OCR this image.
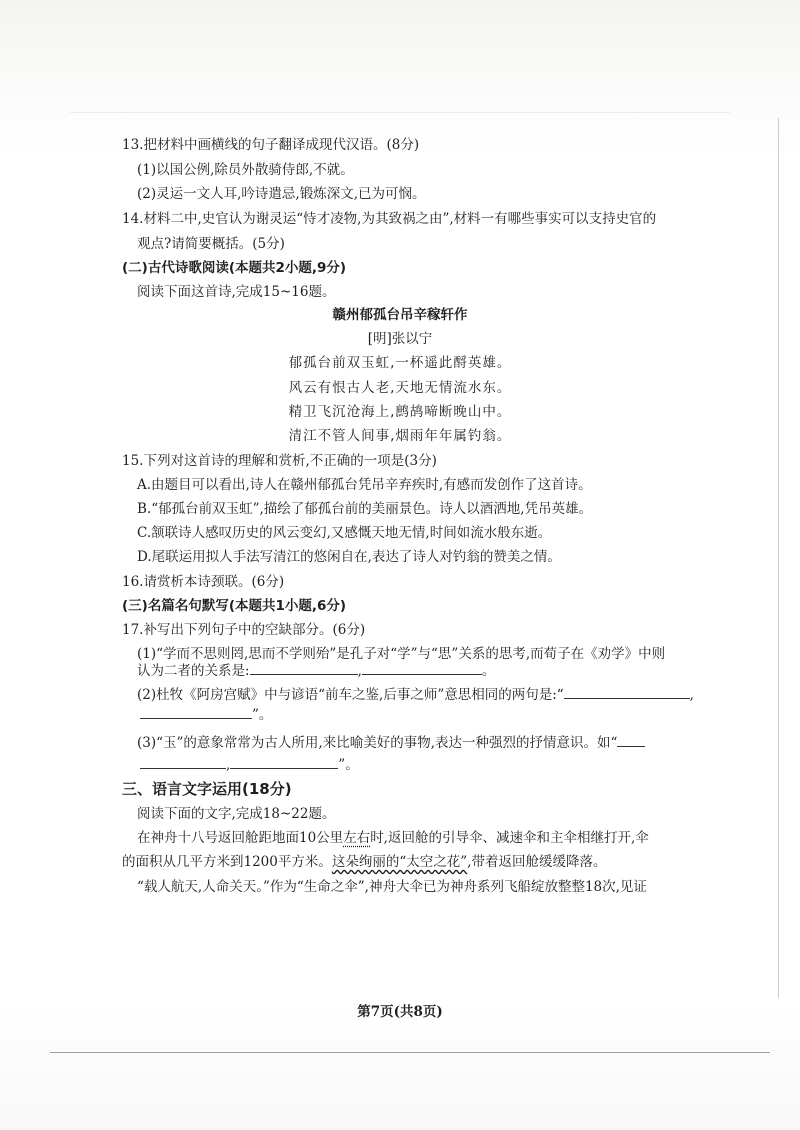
13.把材料中画横线的句子翻译成现代汉语。(8分)
(1)以国公例,除员外散骑侍郎,不就。
(2)灵运一文人耳,吟诗遣忌,锻炼深文,已为可悯。
14.材料二中,史官认为谢灵运“恃才凌物,为其致祸之由”,材料一有哪些事实可以支持史官的
观点?请简要概括。(5分)
(二)古代诗歌阅读(本题共2小题,9分)
阅读下面这首诗,完成15~16题。
赣州郁孤台吊辛稼轩作
[明]张以宁
郁孤台前双玉虹,一杯遥此酹英雄。
风云有恨古人老,天地无情流水东。
精卫飞沉沧海上,鹧鸪啼断晚山中。
清江不管人间事,烟雨年年属钓翁。
15.下列对这首诗的理解和赏析,不正确的一项是(3分)
A.由题目可以看出,诗人在赣州郁孤台凭吊辛弃疾时,有感而发创作了这首诗。
B.“郁孤台前双玉虹”,描绘了郁孤台前的美丽景色。诗人以酒洒地,凭吊英雄。
C.颔联诗人感叹历史的风云变幻,又感慨天地无情,时间如流水般东逝。
D.尾联运用拟人手法写清江的悠闲自在,表达了诗人对钓翁的赞美之情。
16.请赏析本诗颈联。(6分)
(三)名篇名句默写(本题共1小题,6分)
17.补写出下列句子中的空缺部分。(6分)
(1)“学而不思则罔,思而不学则殆”是孔子对“学”与“思”关系的思考,而荀子在《劝学》中则
认为二者的关系是:	,	。
(2)杜牧《阿房宫赋》中与谚语“前车之鉴,后事之师”意思相同的两句是:“	,
”。
(3)“玉”的意象常常为古人所用,来比喻美好的事物,表达一种强烈的抒情意识。如“
,	”。
三、语言文字运用(18分)
阅读下面的文字,完成18~22题。
在神舟十八号返回舱距地面10公里左右时,返回舱的引导伞、减速伞和主伞相继打开,伞
的面积从几平方米到1200平方米。这朵绚丽的“太空之花”,带着返回舱缓缓降落。
“载人航天,人命关天。”作为“生命之伞”,神舟大伞已为神舟系列飞船绽放整整18次,见证
第7页(共8页)
